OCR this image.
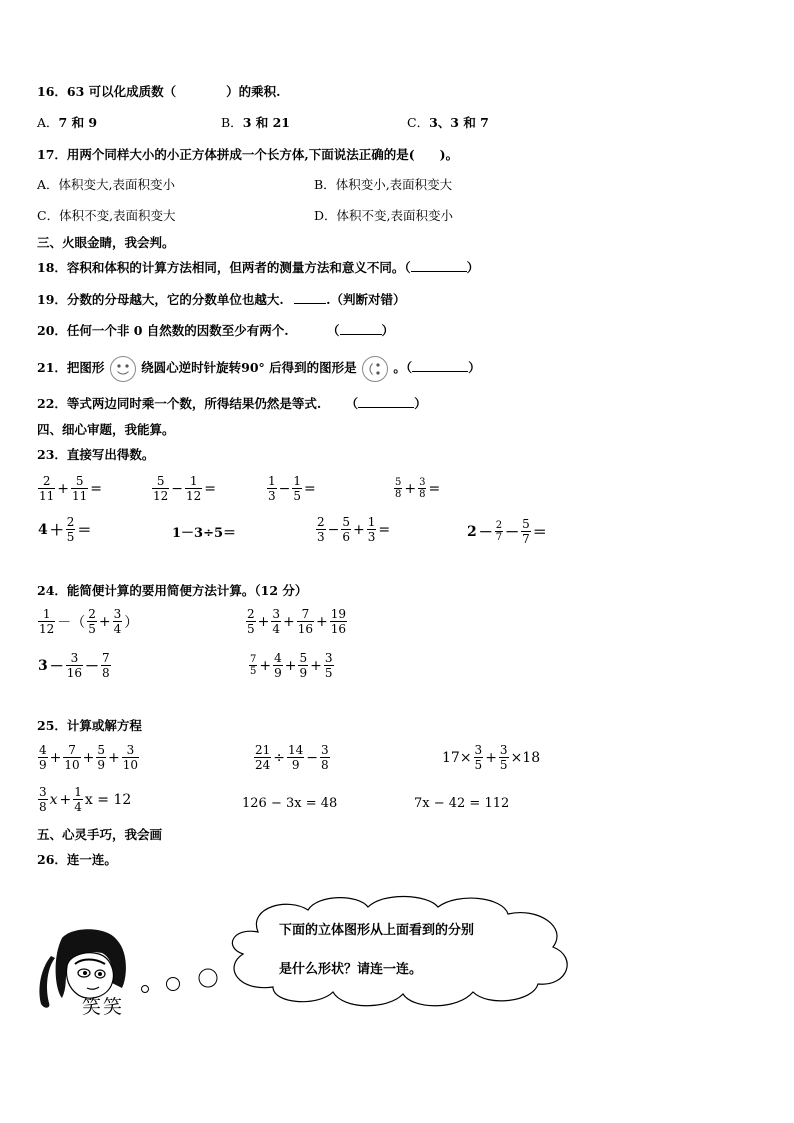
16．63 可以化成质数（	）的乘积.
A．7 和 9	B．3 和 21	C．3、3 和 7
17．用两个同样大小的小正方体拼成一个长方体,下面说法正确的是(　　)。
A．体积变大,表面积变小	B．体积变小,表面积变大
C．体积不变,表面积变大	D．体积不变,表面积变小
三、火眼金睛，我会判。
18．容积和体积的计算方法相同，但两者的测量方法和意义不同。（	）
19．分数的分母越大，它的分数单位也越大.	.（判断对错）
20．任何一个非 0 自然数的因数至少有两个.	（	）
21．把图形	绕圆心逆时针旋转90° 后得到的图形是	。（	）
22．等式两边同时乘一个数，所得结果仍然是等式. （	）
四、细心审题，我能算。
23．直接写出得数。
$\frac{2}{11} + \frac{5}{11}$ =	$\frac{5}{12} - \frac{1}{12}$ =	$\frac{1}{3} - \frac{1}{5}$ =	$\frac{5}{8} + \frac{3}{8}$ =
$4 + \frac{2}{5}$ ＝	1－3÷5＝	$\frac{2}{3} - \frac{5}{6} + \frac{1}{3}$ =	$2 - \frac{2}{7} - \frac{5}{7}$ ＝
24．能简便计算的要用简便方法计算。（12 分）
$\frac{1}{12}$ －（ $\frac{2}{5} + \frac{3}{4}$ ）	$\frac{2}{5} + \frac{3}{4} + \frac{7}{16} + \frac{19}{16}$
$3 - \frac{3}{16} - \frac{7}{8}$	$\frac{7}{5} + \frac{4}{9} + \frac{5}{9} + \frac{3}{5}$
25．计算或解方程
$\frac{4}{9} + \frac{7}{10} + \frac{5}{9} + \frac{3}{10}$	$\frac{21}{24} \div \frac{14}{9} - \frac{3}{8}$	$17\times \frac{3}{5} + \frac{3}{5} \times 18$
$\frac{3}{8}$ $x + \frac{1}{4}$ x = 12	126 − 3x = 48	7x − 42 = 112
五、心灵手巧，我会画
26．连一连。
下面的立体图形从上面看到的分别
是什么形状？请连一连。
笑笑
